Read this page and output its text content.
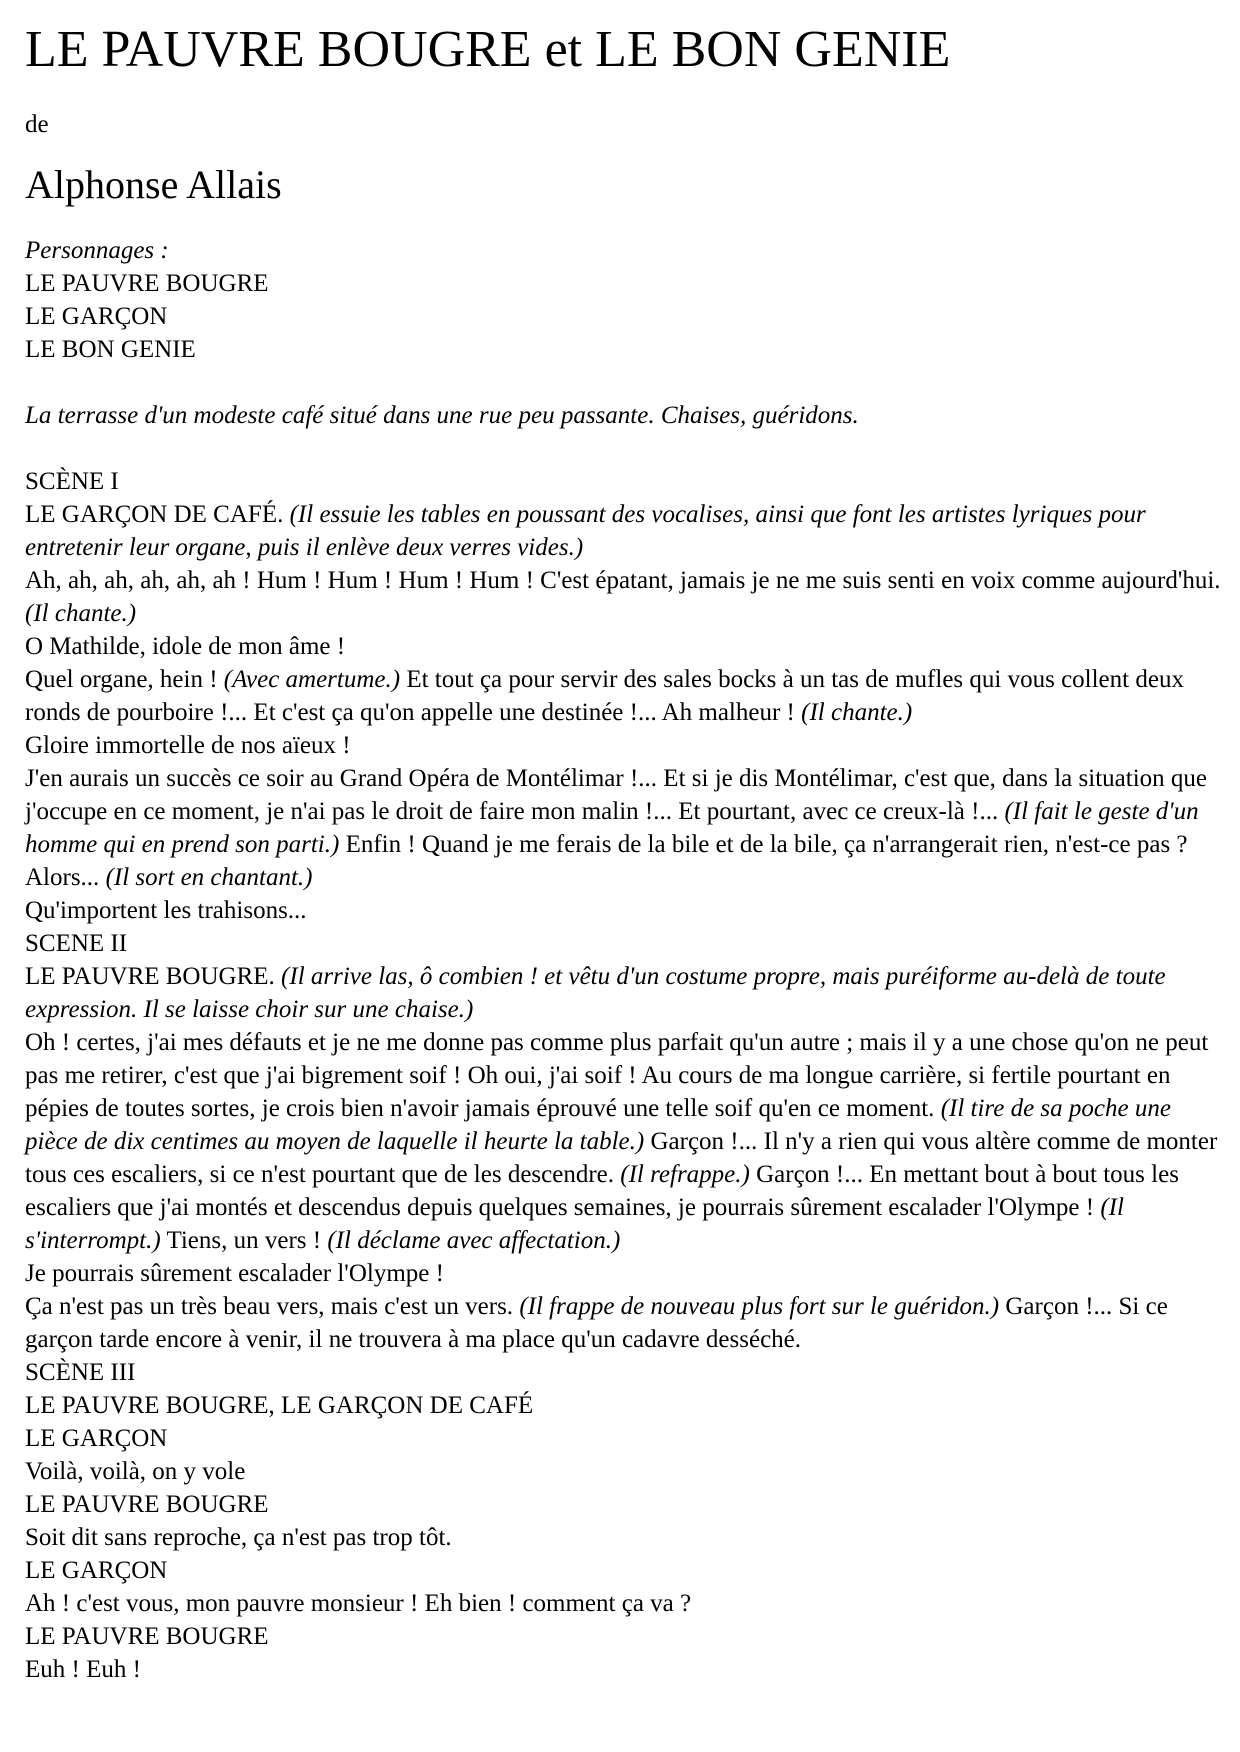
LE PAUVRE BOUGRE et LE BON GENIE
de
Alphonse Allais
Personnages :
LE PAUVRE BOUGRE
LE GARÇON
LE BON GENIE
La terrasse d'un modeste café situé dans une rue peu passante. Chaises, guéridons.
SCÈNE I
LE GARÇON DE CAFÉ. (Il essuie les tables en poussant des vocalises, ainsi que font les artistes lyriques pour entretenir leur organe, puis il enlève deux verres vides.)
Ah, ah, ah, ah, ah, ah ! Hum ! Hum ! Hum ! Hum ! C'est épatant, jamais je ne me suis senti en voix comme aujourd'hui. (Il chante.)
O Mathilde, idole de mon âme !
Quel organe, hein ! (Avec amertume.) Et tout ça pour servir des sales bocks à un tas de mufles qui vous collent deux ronds de pourboire !... Et c'est ça qu'on appelle une destinée !... Ah malheur ! (Il chante.)
Gloire immortelle de nos aïeux !
J'en aurais un succès ce soir au Grand Opéra de Montélimar !... Et si je dis Montélimar, c'est que, dans la situation que j'occupe en ce moment, je n'ai pas le droit de faire mon malin !... Et pourtant, avec ce creux-là !... (Il fait le geste d'un homme qui en prend son parti.) Enfin ! Quand je me ferais de la bile et de la bile, ça n'arrangerait rien, n'est-ce pas ? Alors... (Il sort en chantant.)
Qu'importent les trahisons...
SCENE II
LE PAUVRE BOUGRE. (Il arrive las, ô combien ! et vêtu d'un costume propre, mais puréiforme au-delà de toute expression. Il se laisse choir sur une chaise.)
Oh ! certes, j'ai mes défauts et je ne me donne pas comme plus parfait qu'un autre ; mais il y a une chose qu'on ne peut pas me retirer, c'est que j'ai bigrement soif ! Oh oui, j'ai soif ! Au cours de ma longue carrière, si fertile pourtant en pépies de toutes sortes, je crois bien n'avoir jamais éprouvé une telle soif qu'en ce moment. (Il tire de sa poche une pièce de dix centimes au moyen de laquelle il heurte la table.) Garçon !... Il n'y a rien qui vous altère comme de monter tous ces escaliers, si ce n'est pourtant que de les descendre. (Il refrappe.) Garçon !... En mettant bout à bout tous les escaliers que j'ai montés et descendus depuis quelques semaines, je pourrais sûrement escalader l'Olympe ! (Il s'interrompt.) Tiens, un vers ! (Il déclame avec affectation.)
Je pourrais sûrement escalader l'Olympe !
Ça n'est pas un très beau vers, mais c'est un vers. (Il frappe de nouveau plus fort sur le guéridon.) Garçon !... Si ce garçon tarde encore à venir, il ne trouvera à ma place qu'un cadavre desséché.
SCÈNE III
LE PAUVRE BOUGRE, LE GARÇON DE CAFÉ
LE GARÇON
Voilà, voilà, on y vole
LE PAUVRE BOUGRE
Soit dit sans reproche, ça n'est pas trop tôt.
LE GARÇON
Ah ! c'est vous, mon pauvre monsieur ! Eh bien ! comment ça va ?
LE PAUVRE BOUGRE
Euh ! Euh !
